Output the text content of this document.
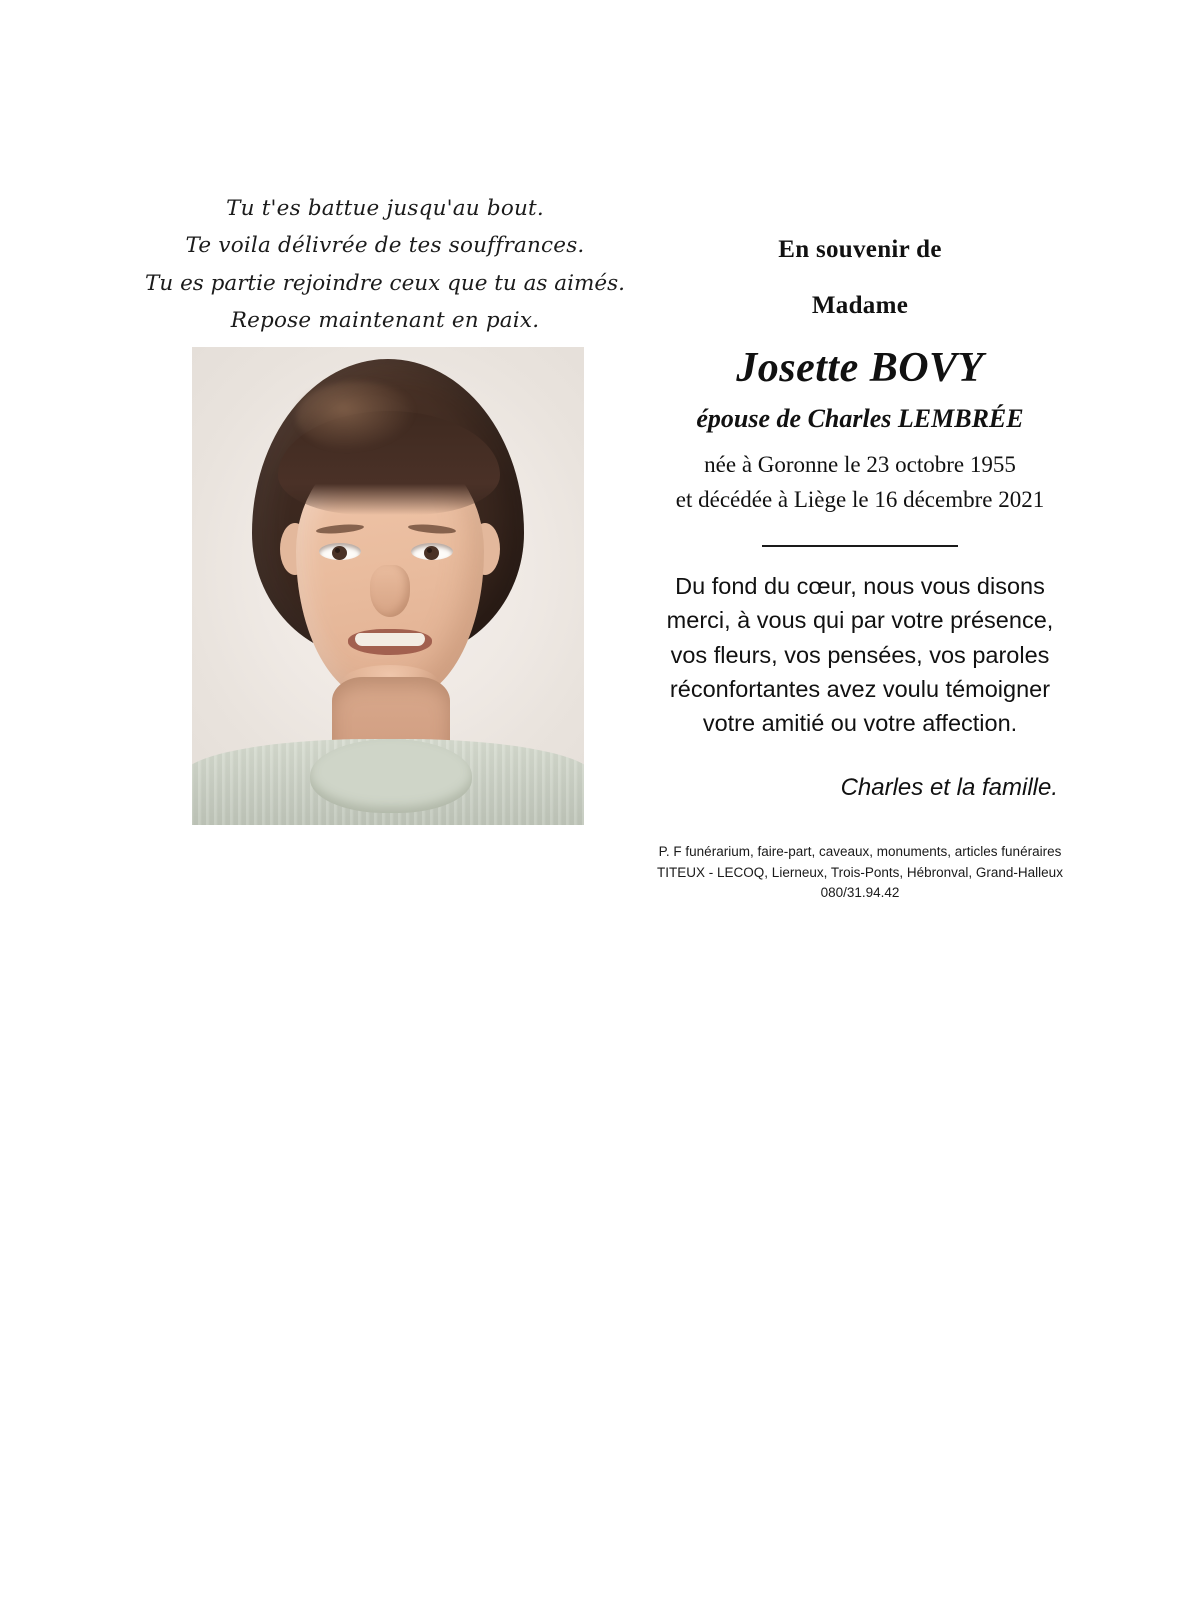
Tu t'es battue jusqu'au bout.
Te voila délivrée de tes souffrances.
Tu es partie rejoindre ceux que tu as aimés.
Repose maintenant en paix.
En souvenir de
Madame
Josette BOVY
épouse de Charles LEMBRÉE
née à Goronne le 23 octobre 1955
et décédée à Liège le 16 décembre 2021
Du fond du cœur, nous vous disons
merci, à vous qui par votre présence,
vos fleurs, vos pensées, vos paroles
réconfortantes avez voulu témoigner
votre amitié ou votre affection.
Charles et la famille.
P. F funérarium, faire-part, caveaux, monuments, articles funéraires
TITEUX - LECOQ, Lierneux, Trois-Ponts, Hébronval, Grand-Halleux 080/31.94.42
